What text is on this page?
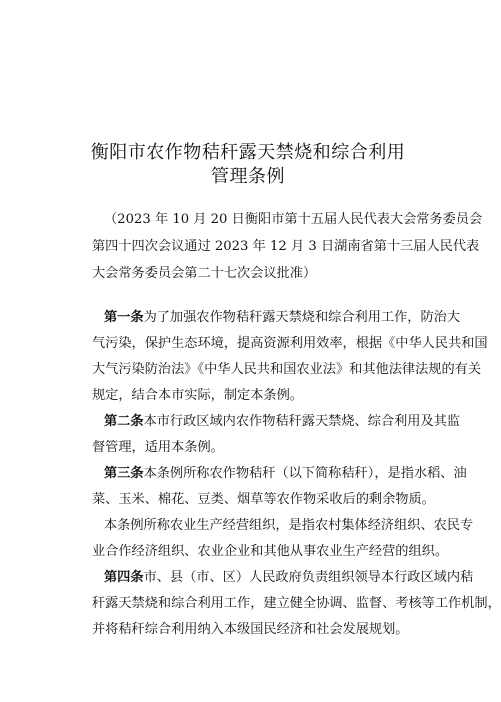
衡阳市农作物秸秆露天禁烧和综合利用
管理条例
（2023 年 10 月 20 日衡阳市第十五届人民代表大会常务委员会
第四十四次会议通过 2023 年 12 月 3 日湖南省第十三届人民代表
大会常务委员会第二十七次会议批准）
第一条为了加强农作物秸秆露天禁烧和综合利用工作，防治大
气污染，保护生态环境，提高资源利用效率，根据《中华人民共和国
大气污染防治法》《中华人民共和国农业法》和其他法律法规的有关
规定，结合本市实际，制定本条例。
第二条本市行政区域内农作物秸秆露天禁烧、综合利用及其监
督管理，适用本条例。
第三条本条例所称农作物秸秆（以下简称秸秆），是指水稻、油
菜、玉米、棉花、豆类、烟草等农作物采收后的剩余物质。
本条例所称农业生产经营组织，是指农村集体经济组织、农民专
业合作经济组织、农业企业和其他从事农业生产经营的组织。
第四条市、县（市、区）人民政府负责组织领导本行政区域内秸
秆露天禁烧和综合利用工作，建立健全协调、监督、考核等工作机制，
并将秸秆综合利用纳入本级国民经济和社会发展规划。
